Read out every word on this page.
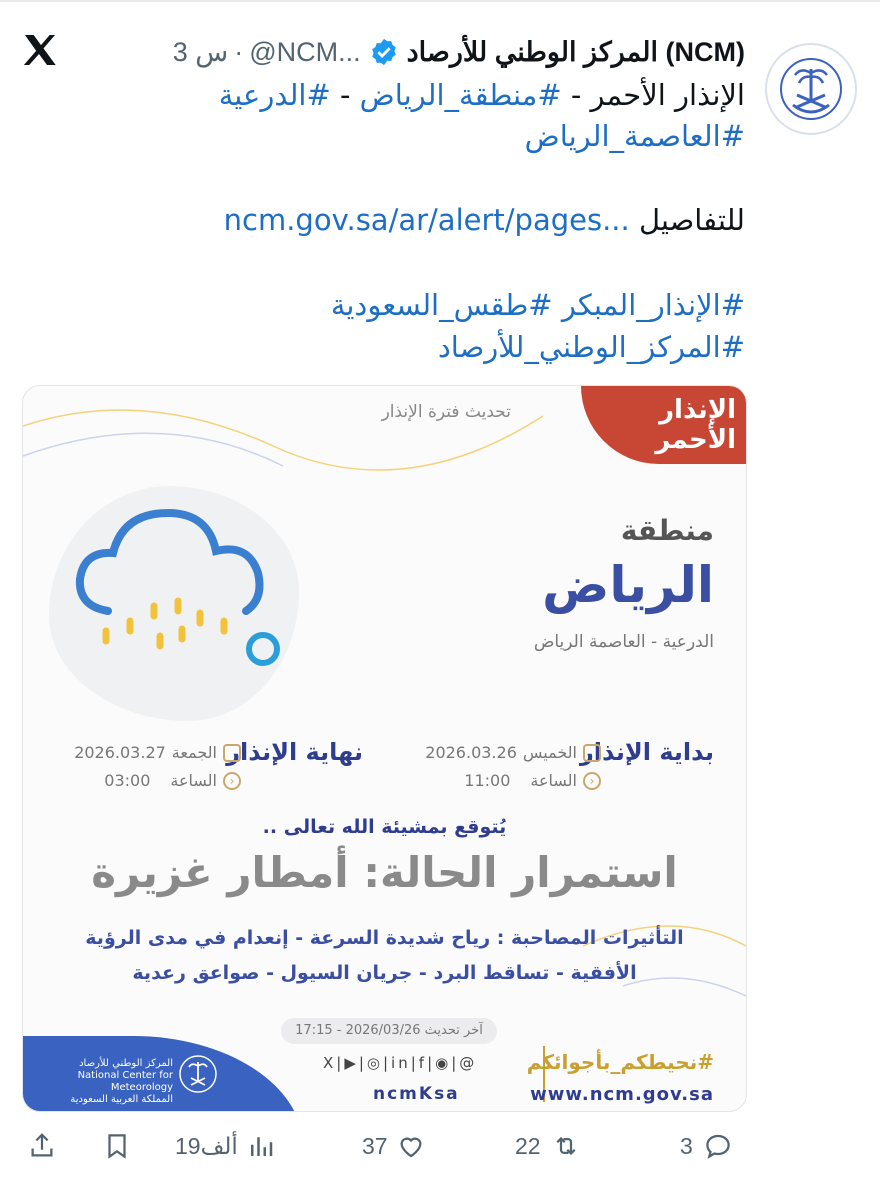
المركز الوطني للأرصاد (NCM)
@NCM...
·
3 س
الإنذار الأحمر - #منطقة_الرياض - #الدرعية
#العاصمة_الرياض
للتفاصيل ncm.gov.sa/ar/alert/pages...
#الإنذار_المبكر #طقس_السعودية
#المركز_الوطني_للأرصاد
الإنذار الأحمر
تحديث فترة الإنذار
منطقة
الرياض
الدرعية - العاصمة الرياض
بداية الإنذار
الخميس
2026.03.26
‹
الساعة
11:00
نهاية الإنذار
الجمعة
2026.03.27
‹
الساعة
03:00
يُتوقع بمشيئة الله تعالى ..
استمرار الحالة: أمطار غزيرة
التأثيرات المصاحبة : رياح شديدة السرعة - إنعدام في مدى الرؤية
الأفقية - تساقط البرد - جريان السيول - صواعق رعدية
آخر تحديث 2026/03/26 - 17:15
المركز الوطني للأرصاد
National Center for Meteorology
المملكة العربية السعودية
X|▶|◎|in|f|◉|@
ncmKsa
#نحيطكم_بأجوائكم
www.ncm.gov.sa
3
22
37
19ألف
